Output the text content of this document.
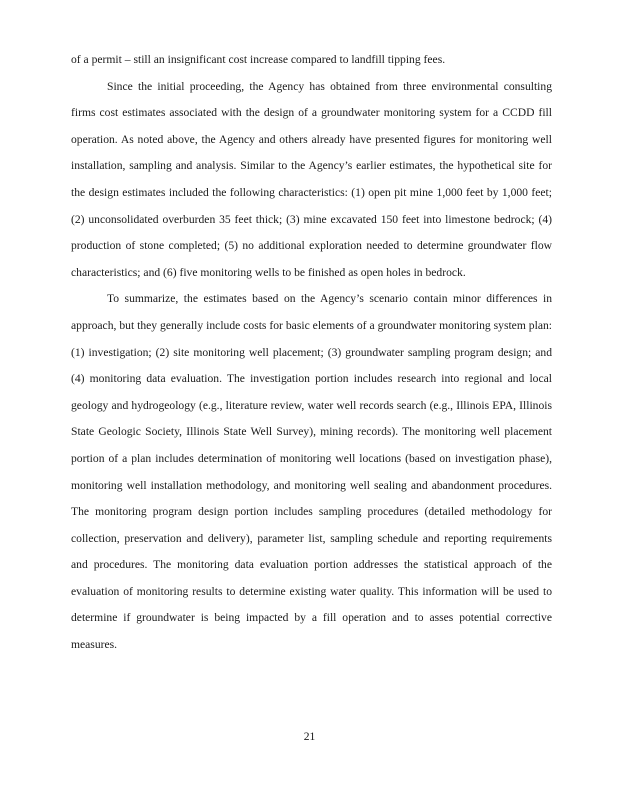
of a permit – still an insignificant cost increase compared to landfill tipping fees.

Since the initial proceeding, the Agency has obtained from three environmental consulting firms cost estimates associated with the design of a groundwater monitoring system for a CCDD fill operation. As noted above, the Agency and others already have presented figures for monitoring well installation, sampling and analysis. Similar to the Agency’s earlier estimates, the hypothetical site for the design estimates included the following characteristics: (1) open pit mine 1,000 feet by 1,000 feet; (2) unconsolidated overburden 35 feet thick; (3) mine excavated 150 feet into limestone bedrock; (4) production of stone completed; (5) no additional exploration needed to determine groundwater flow characteristics; and (6) five monitoring wells to be finished as open holes in bedrock.

To summarize, the estimates based on the Agency’s scenario contain minor differences in approach, but they generally include costs for basic elements of a groundwater monitoring system plan: (1) investigation; (2) site monitoring well placement; (3) groundwater sampling program design; and (4) monitoring data evaluation. The investigation portion includes research into regional and local geology and hydrogeology (e.g., literature review, water well records search (e.g., Illinois EPA, Illinois State Geologic Society, Illinois State Well Survey), mining records). The monitoring well placement portion of a plan includes determination of monitoring well locations (based on investigation phase), monitoring well installation methodology, and monitoring well sealing and abandonment procedures. The monitoring program design portion includes sampling procedures (detailed methodology for collection, preservation and delivery), parameter list, sampling schedule and reporting requirements and procedures. The monitoring data evaluation portion addresses the statistical approach of the evaluation of monitoring results to determine existing water quality. This information will be used to determine if groundwater is being impacted by a fill operation and to asses potential corrective measures.

21
